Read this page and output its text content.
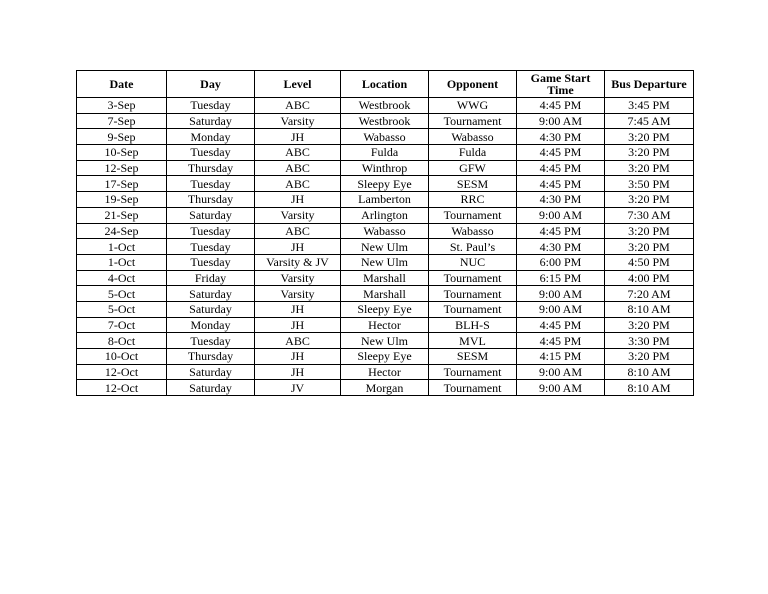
Date	Day	Level	Location	Opponent	Game Start Time	Bus Departure
3-Sep	Tuesday	ABC	Westbrook	WWG	4:45 PM	3:45 PM
7-Sep	Saturday	Varsity	Westbrook	Tournament	9:00 AM	7:45 AM
9-Sep	Monday	JH	Wabasso	Wabasso	4:30 PM	3:20 PM
10-Sep	Tuesday	ABC	Fulda	Fulda	4:45 PM	3:20 PM
12-Sep	Thursday	ABC	Winthrop	GFW	4:45 PM	3:20 PM
17-Sep	Tuesday	ABC	Sleepy Eye	SESM	4:45 PM	3:50 PM
19-Sep	Thursday	JH	Lamberton	RRC	4:30 PM	3:20 PM
21-Sep	Saturday	Varsity	Arlington	Tournament	9:00 AM	7:30 AM
24-Sep	Tuesday	ABC	Wabasso	Wabasso	4:45 PM	3:20 PM
1-Oct	Tuesday	JH	New Ulm	St. Paul’s	4:30 PM	3:20 PM
1-Oct	Tuesday	Varsity & JV	New Ulm	NUC	6:00 PM	4:50 PM
4-Oct	Friday	Varsity	Marshall	Tournament	6:15 PM	4:00 PM
5-Oct	Saturday	Varsity	Marshall	Tournament	9:00 AM	7:20 AM
5-Oct	Saturday	JH	Sleepy Eye	Tournament	9:00 AM	8:10 AM
7-Oct	Monday	JH	Hector	BLH-S	4:45 PM	3:20 PM
8-Oct	Tuesday	ABC	New Ulm	MVL	4:45 PM	3:30 PM
10-Oct	Thursday	JH	Sleepy Eye	SESM	4:15 PM	3:20 PM
12-Oct	Saturday	JH	Hector	Tournament	9:00 AM	8:10 AM
12-Oct	Saturday	JV	Morgan	Tournament	9:00 AM	8:10 AM
